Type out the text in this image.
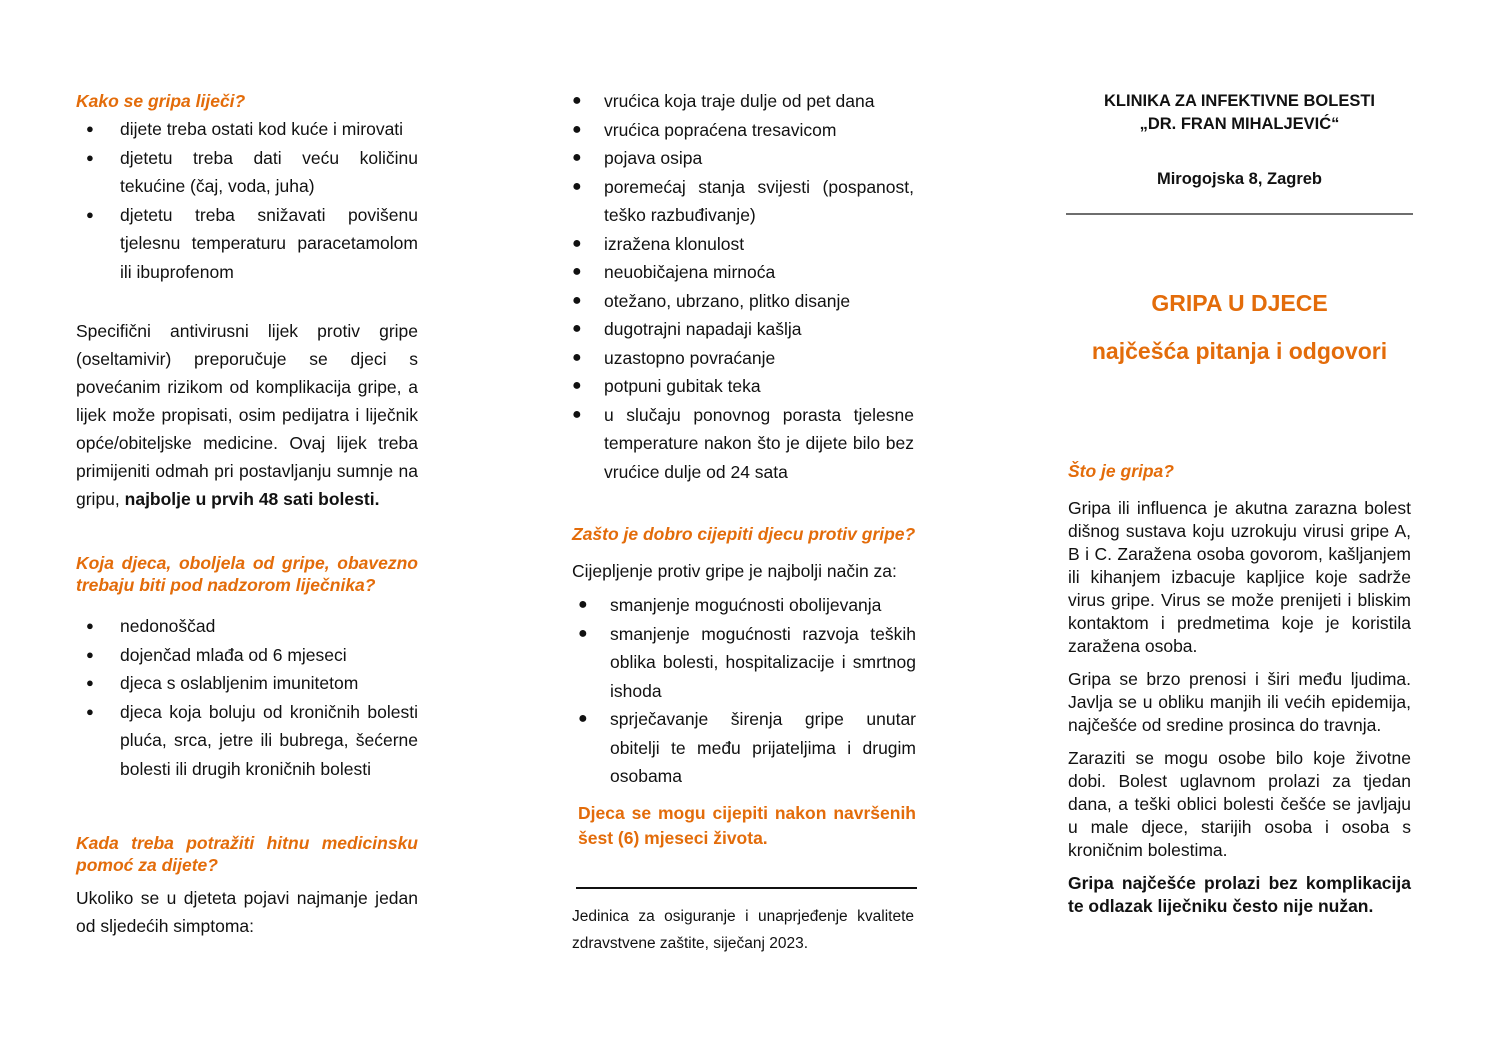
Kako se gripa liječi?
● dijete treba ostati kod kuće i mirovati
● djetetu treba dati veću količinu tekućine (čaj, voda, juha)
● djetetu treba snižavati povišenu tjelesnu temperaturu paracetamolom ili ibuprofenom

Specifični antivirusni lijek protiv gripe (oseltamivir) preporučuje se djeci s povećanim rizikom od komplikacija gripe, a lijek može propisati, osim pedijatra i liječnik opće/obiteljske medicine. Ovaj lijek treba primijeniti odmah pri postavljanju sumnje na gripu, najbolje u prvih 48 sati bolesti.

Koja djeca, oboljela od gripe, obavezno trebaju biti pod nadzorom liječnika?
● nedonoščad
● dojenčad mlađa od 6 mjeseci
● djeca s oslabljenim imunitetom
● djeca koja boluju od kroničnih bolesti pluća, srca, jetre ili bubrega, šećerne bolesti ili drugih kroničnih bolesti
Kada treba potražiti hitnu medicinsku pomoć za dijete?

Ukoliko se u djeteta pojavi najmanje jedan od sljedećih simptoma:

● vrućica koja traje dulje od pet dana
● vrućica popraćena tresavicom
● pojava osipa
● poremećaj stanja svijesti (pospanost, teško razbuđivanje)
● izražena klonulost
● neuobičajena mirnoća
● otežano, ubrzano, plitko disanje
● dugotrajni napadaji kašlja
● uzastopno povraćanje
● potpuni gubitak teka
● u slučaju ponovnog porasta tjelesne temperature nakon što je dijete bilo bez vrućice dulje od 24 sata
Zašto je dobro cijepiti djecu protiv gripe?

Cijepljenje protiv gripe je najbolji način za:

● smanjenje mogućnosti obolijevanja
● smanjenje mogućnosti razvoja teških oblika bolesti, hospitalizacije i smrtnog ishoda
● sprječavanje širenja gripe unutar obitelji te među prijateljima i drugim osobama

Djeca se mogu cijepiti nakon navršenih šest (6) mjeseci života.

Jedinica za osiguranje i unaprjeđenje kvalitete zdravstvene zaštite, siječanj 2023.

KLINIKA ZA INFEKTIVNE BOLESTI

„DR. FRAN MIHALJEVIĆ“

Mirogojska 8, Zagreb

GRIPA U DJECE
najčešća pitanja i odgovori
Što je gripa?

Gripa ili influenca je akutna zarazna bolest dišnog sustava koju uzrokuju virusi gripe A, B i C. Zaražena osoba govorom, kašljanjem ili kihanjem izbacuje kapljice koje sadrže virus gripe. Virus se može prenijeti i bliskim kontaktom i predmetima koje je koristila zaražena osoba.

Gripa se brzo prenosi i širi među ljudima. Javlja se u obliku manjih ili većih epidemija, najčešće od sredine prosinca do travnja.

Zaraziti se mogu osobe bilo koje životne dobi. Bolest uglavnom prolazi za tjedan dana, a teški oblici bolesti češće se javljaju u male djece, starijih osoba i osoba s kroničnim bolestima.

Gripa najčešće prolazi bez komplikacija te odlazak liječniku često nije nužan.
